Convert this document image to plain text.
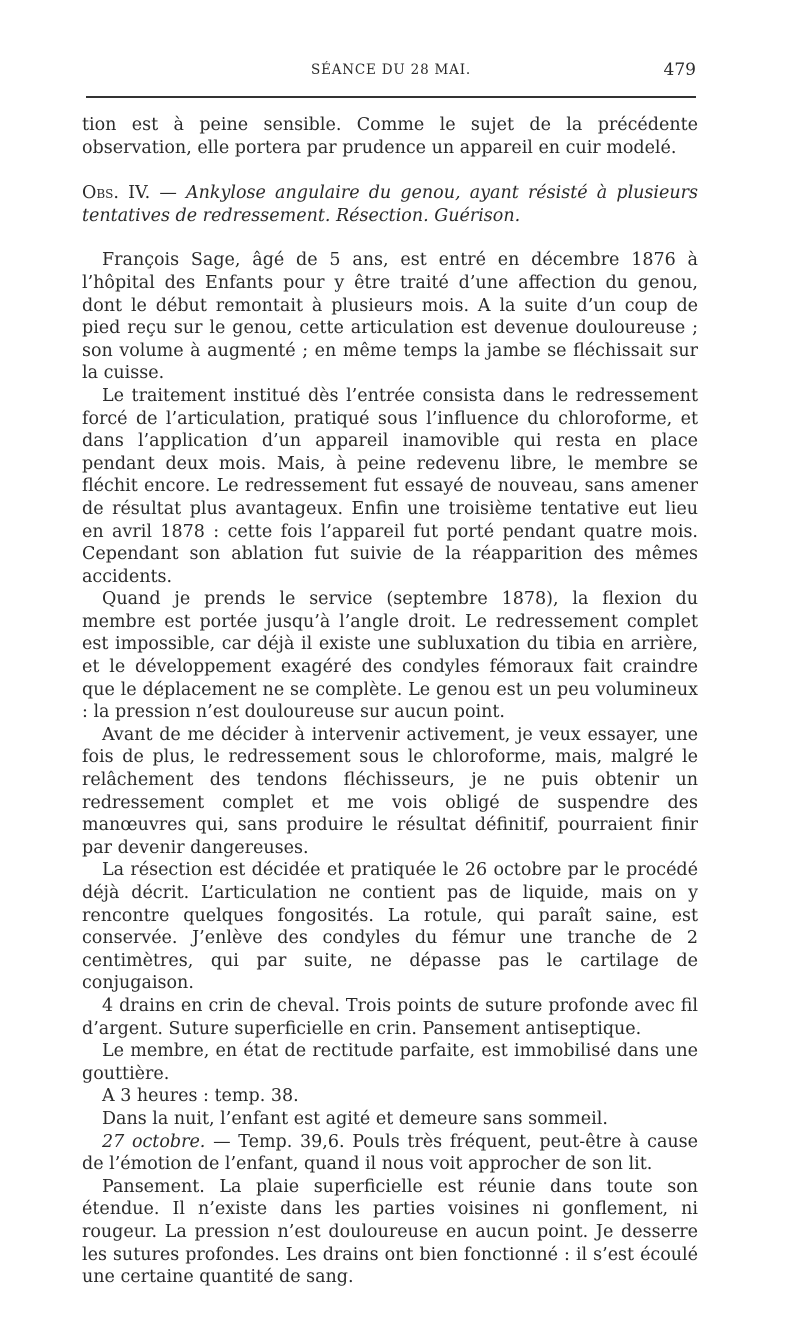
SÉANCE DU 28 MAI.	479

tion est à peine sensible. Comme le sujet de la précédente observation, elle portera par prudence un appareil en cuir modelé.

Obs. IV. — Ankylose angulaire du genou, ayant résisté à plusieurs tentatives de redressement. Résection. Guérison.

François Sage, âgé de 5 ans, est entré en décembre 1876 à l’hôpital des Enfants pour y être traité d’une affection du genou, dont le début remontait à plusieurs mois. A la suite d’un coup de pied reçu sur le genou, cette articulation est devenue douloureuse ; son volume à augmenté ; en même temps la jambe se fléchissait sur la cuisse.

Le traitement institué dès l’entrée consista dans le redressement forcé de l’articulation, pratiqué sous l’influence du chloroforme, et dans l’application d’un appareil inamovible qui resta en place pendant deux mois. Mais, à peine redevenu libre, le membre se fléchit encore. Le redressement fut essayé de nouveau, sans amener de résultat plus avantageux. Enfin une troisième tentative eut lieu en avril 1878 : cette fois l’appareil fut porté pendant quatre mois. Cependant son ablation fut suivie de la réapparition des mêmes accidents.

Quand je prends le service (septembre 1878), la flexion du membre est portée jusqu’à l’angle droit. Le redressement complet est impossible, car déjà il existe une subluxation du tibia en arrière, et le développement exagéré des condyles fémoraux fait craindre que le déplacement ne se complète. Le genou est un peu volumineux : la pression n’est douloureuse sur aucun point.

Avant de me décider à intervenir activement, je veux essayer, une fois de plus, le redressement sous le chloroforme, mais, malgré le relâchement des tendons fléchisseurs, je ne puis obtenir un redressement complet et me vois obligé de suspendre des manœuvres qui, sans produire le résultat définitif, pourraient finir par devenir dangereuses.

La résection est décidée et pratiquée le 26 octobre par le procédé déjà décrit. L’articulation ne contient pas de liquide, mais on y rencontre quelques fongosités. La rotule, qui paraît saine, est conservée. J’enlève des condyles du fémur une tranche de 2 centimètres, qui par suite, ne dépasse pas le cartilage de conjugaison.

4 drains en crin de cheval. Trois points de suture profonde avec fil d’argent. Suture superficielle en crin. Pansement antiseptique.

Le membre, en état de rectitude parfaite, est immobilisé dans une gouttière.

A 3 heures : temp. 38.

Dans la nuit, l’enfant est agité et demeure sans sommeil.

27 octobre. — Temp. 39,6. Pouls très fréquent, peut-être à cause de l’émotion de l’enfant, quand il nous voit approcher de son lit.

Pansement. La plaie superficielle est réunie dans toute son étendue. Il n’existe dans les parties voisines ni gonflement, ni rougeur. La pression n’est douloureuse en aucun point. Je desserre les sutures profondes. Les drains ont bien fonctionné : il s’est écoulé une certaine quantité de sang.
